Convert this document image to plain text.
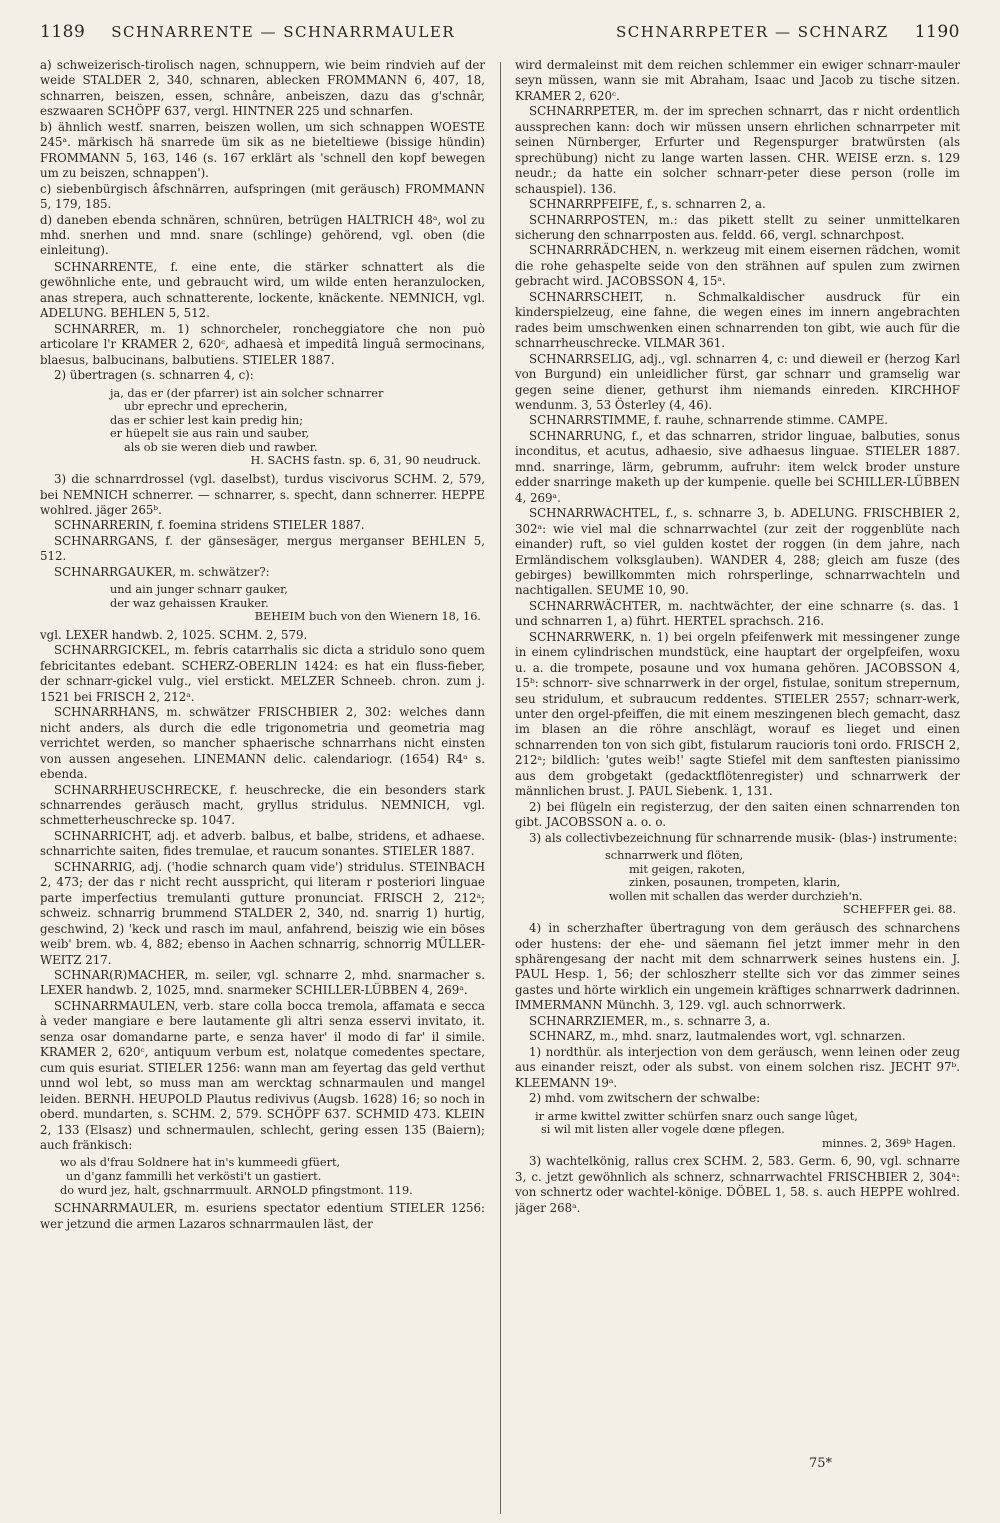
1189 SCHNARRENTE — SCHNARRMAULER	SCHNARRPETER — SCHNARZ 1190

a) schweizerisch-tirolisch nagen, schnuppern, wie beim rindvieh auf der weide STALDER 2, 340, schnaren, ablecken FROMMANN 6, 407, 18, schnarren, beiszen, essen, schnâre, anbeiszen, dazu das g'schnâr, eszwaaren SCHÖPF 637, vergl. HINTNER 225 und schnarfen.

b) ähnlich westf. snarren, beiszen wollen, um sich schnappen WOESTE 245ᵃ. märkisch hä snarrede üm sik as ne bieteltiewe (bissige hündin) FROMMANN 5, 163, 146 (s. 167 erklärt als 'schnell den kopf bewegen um zu beiszen, schnappen').

c) siebenbürgisch âfschnärren, aufspringen (mit geräusch) FROMMANN 5, 179, 185.

d) daneben ebenda schnären, schnüren, betrügen HALTRICH 48ᵃ, wol zu mhd. snerhen und mnd. snare (schlinge) gehörend, vgl. oben (die einleitung).

SCHNARRENTE, f. eine ente, die stärker schnattert als die gewöhnliche ente, und gebraucht wird, um wilde enten heranzulocken, anas strepera, auch schnatterente, lockente, knäckente. NEMNICH, vgl. ADELUNG. BEHLEN 5, 512.

SCHNARRER, m. 1) schnorcheler, roncheggiatore che non può articolare l'r KRAMER 2, 620ᶜ, adhaesà et impeditâ linguâ sermocinans, blaesus, balbucinans, balbutiens. STIELER 1887.

2) übertragen (s. schnarren 4, c):

ja, das er (der pfarrer) ist ain solcher schnarrer
ubr eprechr und eprecherin,
das er schier lest kain predig hin;
er hüepelt sie aus rain und sauber,
als ob sie weren dieb und rawber.
H. SACHS fastn. sp. 6, 31, 90 neudruck.

3) die schnarrdrossel (vgl. daselbst), turdus viscivorus SCHM. 2, 579, bei NEMNICH schnerrer. — schnarrer, s. specht, dann schnerrer. HEPPE wohlred. jäger 265ᵇ.

SCHNARRERIN, f. foemina stridens STIELER 1887.

SCHNARRGANS, f. der gänsesäger, mergus merganser BEHLEN 5, 512.

SCHNARRGAUKER, m. schwätzer?:

und ain junger schnarr gauker,
der waz gehaissen Krauker.
BEHEIM buch von den Wienern 18, 16.

vgl. LEXER handwb. 2, 1025. SCHM. 2, 579.

SCHNARRGICKEL, m. febris catarrhalis sic dicta a stridulo sono quem febricitantes edebant. SCHERZ-OBERLIN 1424: es hat ein fluss-fieber, der schnarr-gickel vulg., viel erstickt. MELZER Schneeb. chron. zum j. 1521 bei FRISCH 2, 212ᵃ.

SCHNARRHANS, m. schwätzer FRISCHBIER 2, 302: welches dann nicht anders, als durch die edle trigonometria und geometria mag verrichtet werden, so mancher sphaerische schnarrhans nicht einsten von aussen angesehen. LINEMANN delic. calendariogr. (1654) R4ᵃ s. ebenda.

SCHNARRHEUSCHRECKE, f. heuschrecke, die ein besonders stark schnarrendes geräusch macht, gryllus stridulus. NEMNICH, vgl. schmetterheuschrecke sp. 1047.

SCHNARRICHT, adj. et adverb. balbus, et balbe, stridens, et adhaese. schnarrichte saiten, fides tremulae, et raucum sonantes. STIELER 1887.

SCHNARRIG, adj. ('hodie schnarch quam vide') stridulus. STEINBACH 2, 473; der das r nicht recht ausspricht, qui literam r posteriori linguae parte imperfectius tremulanti gutture pronunciat. FRISCH 2, 212ᵃ; schweiz. schnarrig brummend STALDER 2, 340, nd. snarrig 1) hurtig, geschwind, 2) 'keck und rasch im maul, anfahrend, beiszig wie ein böses weib' brem. wb. 4, 882; ebenso in Aachen schnarrig, schnorrig MÜLLER-WEITZ 217.

SCHNAR(R)MACHER, m. seiler, vgl. schnarre 2, mhd. snarmacher s. LEXER handwb. 2, 1025, mnd. snarmeker SCHILLER-LÜBBEN 4, 269ᵃ.

SCHNARRMAULEN, verb. stare colla bocca tremola, affamata e secca à veder mangiare e bere lautamente gli altri senza esservi invitato, it. senza osar domandarne parte, e senza haver' il modo di far' il simile. KRAMER 2, 620ᶜ, antiquum verbum est, nolatque comedentes spectare, cum quis esuriat. STIELER 1256: wann man am feyertag das geld verthut unnd wol lebt, so muss man am wercktag schnarmaulen und mangel leiden. BERNH. HEUPOLD Plautus redivivus (Augsb. 1628) 16; so noch in oberd. mundarten, s. SCHM. 2, 579. SCHÖPF 637. SCHMID 473. KLEIN 2, 133 (Elsasz) und schnermaulen, schlecht, gering essen 135 (Baiern); auch fränkisch:

wo als d'frau Soldnere hat in's kummeedi gfüert,
un d'ganz fammilli het verkösti't un gastiert.
do wurd jez, halt, gschnarrmuult. ARNOLD pfingstmont. 119.

SCHNARRMAULER, m. esuriens spectator edentium STIELER 1256: wer jetzund die armen Lazaros schnarrmaulen läst, der

wird dermaleinst mit dem reichen schlemmer ein ewiger schnarr-mauler seyn müssen, wann sie mit Abraham, Isaac und Jacob zu tische sitzen. KRAMER 2, 620ᶜ.

SCHNARRPETER, m. der im sprechen schnarrt, das r nicht ordentlich aussprechen kann: doch wir müssen unsern ehrlichen schnarrpeter mit seinen Nürnberger, Erfurter und Regenspurger bratwürsten (als sprechübung) nicht zu lange warten lassen. CHR. WEISE erzn. s. 129 neudr.; da hatte ein solcher schnarr-peter diese person (rolle im schauspiel). 136.

SCHNARRPFEIFE, f., s. schnarren 2, a.

SCHNARRPOSTEN, m.: das pikett stellt zu seiner unmittelkaren sicherung den schnarrposten aus. feldd. 66, vergl. schnarchpost.

SCHNARRRÄDCHEN, n. werkzeug mit einem eisernen rädchen, womit die rohe gehaspelte seide von den strähnen auf spulen zum zwirnen gebracht wird. JACOBSSON 4, 15ᵃ.

SCHNARRSCHEIT, n. Schmalkaldischer ausdruck für ein kinderspielzeug, eine fahne, die wegen eines im innern angebrachten rades beim umschwenken einen schnarrenden ton gibt, wie auch für die schnarrheuschrecke. VILMAR 361.

SCHNARRSELIG, adj., vgl. schnarren 4, c: und dieweil er (herzog Karl von Burgund) ein unleidlicher fürst, gar schnarr und gramselig war gegen seine diener, gethurst ihm niemands einreden. KIRCHHOF wendunm. 3, 53 Österley (4, 46).

SCHNARRSTIMME, f. rauhe, schnarrende stimme. CAMPE.

SCHNARRUNG, f., et das schnarren, stridor linguae, balbuties, sonus inconditus, et acutus, adhaesio, sive adhaesus linguae. STIELER 1887. mnd. snarringe, lärm, gebrumm, aufruhr: item welck broder unsture edder snarringe maketh up der kumpenie. quelle bei SCHILLER-LÜBBEN 4, 269ᵃ.

SCHNARRWACHTEL, f., s. schnarre 3, b. ADELUNG. FRISCHBIER 2, 302ᵃ: wie viel mal die schnarrwachtel (zur zeit der roggenblüte nach einander) ruft, so viel gulden kostet der roggen (in dem jahre, nach Ermländischem volksglauben). WANDER 4, 288; gleich am fusze (des gebirges) bewillkommten mich rohrsperlinge, schnarrwachteln und nachtigallen. SEUME 10, 90.

SCHNARRWÄCHTER, m. nachtwächter, der eine schnarre (s. das. 1 und schnarren 1, a) führt. HERTEL sprachsch. 216.

SCHNARRWERK, n. 1) bei orgeln pfeifenwerk mit messingener zunge in einem cylindrischen mundstück, eine hauptart der orgelpfeifen, woxu u. a. die trompete, posaune und vox humana gehören. JACOBSSON 4, 15ᵇ: schnorr- sive schnarrwerk in der orgel, fistulae, sonitum strepernum, seu stridulum, et subraucum reddentes. STIELER 2557; schnarr-werk, unter den orgel-pfeiffen, die mit einem meszingenen blech gemacht, dasz im blasen an die röhre anschlägt, worauf es lieget und einen schnarrenden ton von sich gibt, fistularum raucioris toni ordo. FRISCH 2, 212ᵃ; bildlich: 'gutes weib!' sagte Stiefel mit dem sanftesten pianissimo aus dem grobgetakt (gedacktflötenregister) und schnarrwerk der männlichen brust. J. PAUL Siebenk. 1, 131.

2) bei flügeln ein registerzug, der den saiten einen schnarrenden ton gibt. JACOBSSON a. o. o.

3) als collectivbezeichnung für schnarrende musik- (blas-) instrumente:

schnarrwerk und flöten,
mit geigen, rakoten,
zinken, posaunen, trompeten, klarin,
wollen mit schallen das werder durchzieh'n.
SCHEFFER gei. 88.

4) in scherzhafter übertragung von dem geräusch des schnarchens oder hustens: der ehe- und säemann fiel jetzt immer mehr in den sphärengesang der nacht mit dem schnarrwerk seines hustens ein. J. PAUL Hesp. 1, 56; der schloszherr stellte sich vor das zimmer seines gastes und hörte wirklich ein ungemein kräftiges schnarrwerk dadrinnen. IMMERMANN Münchh. 3, 129. vgl. auch schnorrwerk.

SCHNARRZIEMER, m., s. schnarre 3, a.

SCHNARZ, m., mhd. snarz, lautmalendes wort, vgl. schnarzen.

1) nordthür. als interjection von dem geräusch, wenn leinen oder zeug aus einander reiszt, oder als subst. von einem solchen risz. JECHT 97ᵇ. KLEEMANN 19ᵃ.

2) mhd. vom zwitschern der schwalbe:

ir arme kwittel zwitter schürfen snarz ouch sange lûget,
si wil mit listen aller vogele dœne pflegen.
minnes. 2, 369ᵇ Hagen.

3) wachtelkönig, rallus crex SCHM. 2, 583. Germ. 6, 90, vgl. schnarre 3, c. jetzt gewöhnlich als schnerz, schnarrwachtel FRISCHBIER 2, 304ᵃ: von schnertz oder wachtel-könige. DÖBEL 1, 58. s. auch HEPPE wohlred. jäger 268ᵃ.

75*
